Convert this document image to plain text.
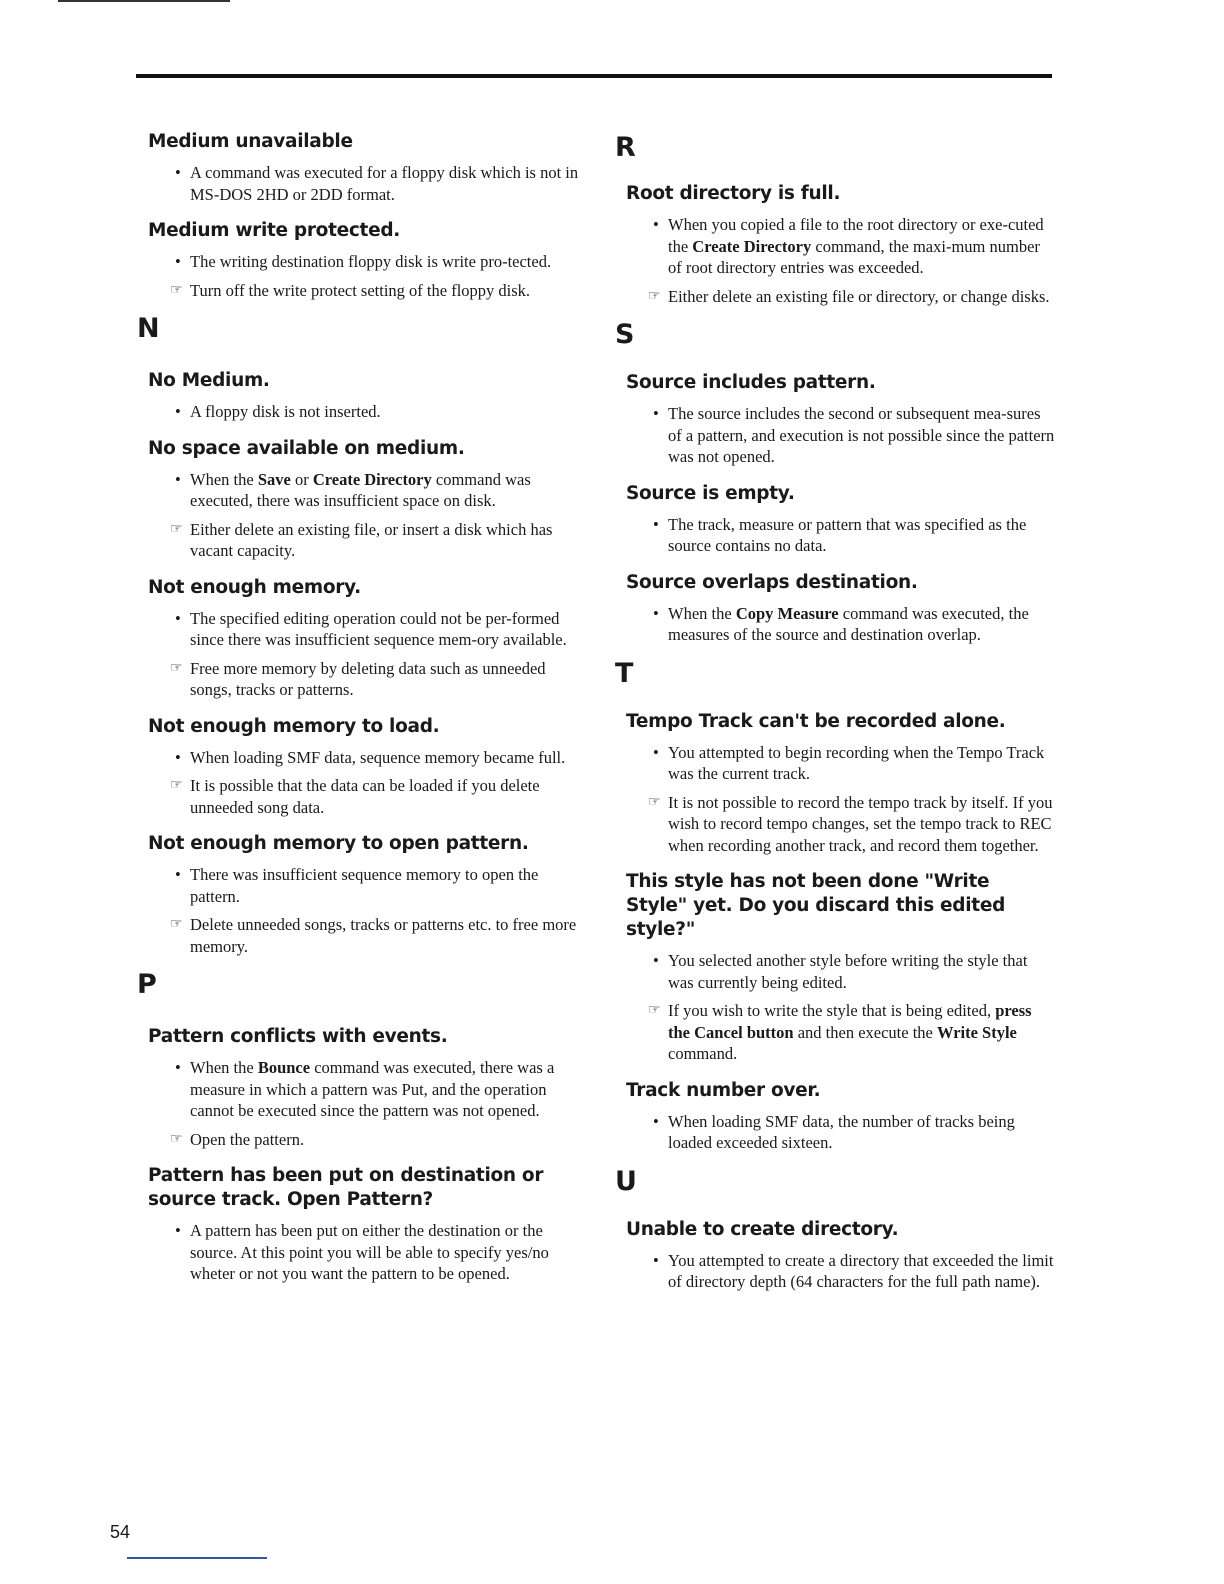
Medium unavailable

• A command was executed for a floppy disk which is not in MS-DOS 2HD or 2DD format.

Medium write protected.

• The writing destination floppy disk is write pro-tected.

☞ Turn off the write protect setting of the floppy disk.

N
No Medium.

• A floppy disk is not inserted.

No space available on medium.

• When the Save or Create Directory command was executed, there was insufficient space on disk.

☞ Either delete an existing file, or insert a disk which has vacant capacity.

Not enough memory.

• The specified editing operation could not be per-formed since there was insufficient sequence mem-ory available.

☞ Free more memory by deleting data such as unneeded songs, tracks or patterns.

Not enough memory to load.

• When loading SMF data, sequence memory became full.

☞ It is possible that the data can be loaded if you delete unneeded song data.

Not enough memory to open pattern.

• There was insufficient sequence memory to open the pattern.

☞ Delete unneeded songs, tracks or patterns etc. to free more memory.

P
Pattern conflicts with events.

• When the Bounce command was executed, there was a measure in which a pattern was Put, and the operation cannot be executed since the pattern was not opened.

☞ Open the pattern.

Pattern has been put on destination or source track. Open Pattern?

• A pattern has been put on either the destination or the source. At this point you will be able to specify yes/no wheter or not you want the pattern to be opened.

R
Root directory is full.

• When you copied a file to the root directory or exe-cuted the Create Directory command, the maxi-mum number of root directory entries was exceeded.

☞ Either delete an existing file or directory, or change disks.

S
Source includes pattern.

• The source includes the second or subsequent mea-sures of a pattern, and execution is not possible since the pattern was not opened.

Source is empty.

• The track, measure or pattern that was specified as the source contains no data.

Source overlaps destination.

• When the Copy Measure command was executed, the measures of the source and destination overlap.

T
Tempo Track can't be recorded alone.

• You attempted to begin recording when the Tempo Track was the current track.

☞ It is not possible to record the tempo track by itself. If you wish to record tempo changes, set the tempo track to REC when recording another track, and record them together.

This style has not been done "Write Style" yet. Do you discard this edited style?"

• You selected another style before writing the style that was currently being edited.

☞ If you wish to write the style that is being edited, press the Cancel button and then execute the Write Style command.

Track number over.

• When loading SMF data, the number of tracks being loaded exceeded sixteen.

U
Unable to create directory.

• You attempted to create a directory that exceeded the limit of directory depth (64 characters for the full path name).

54
